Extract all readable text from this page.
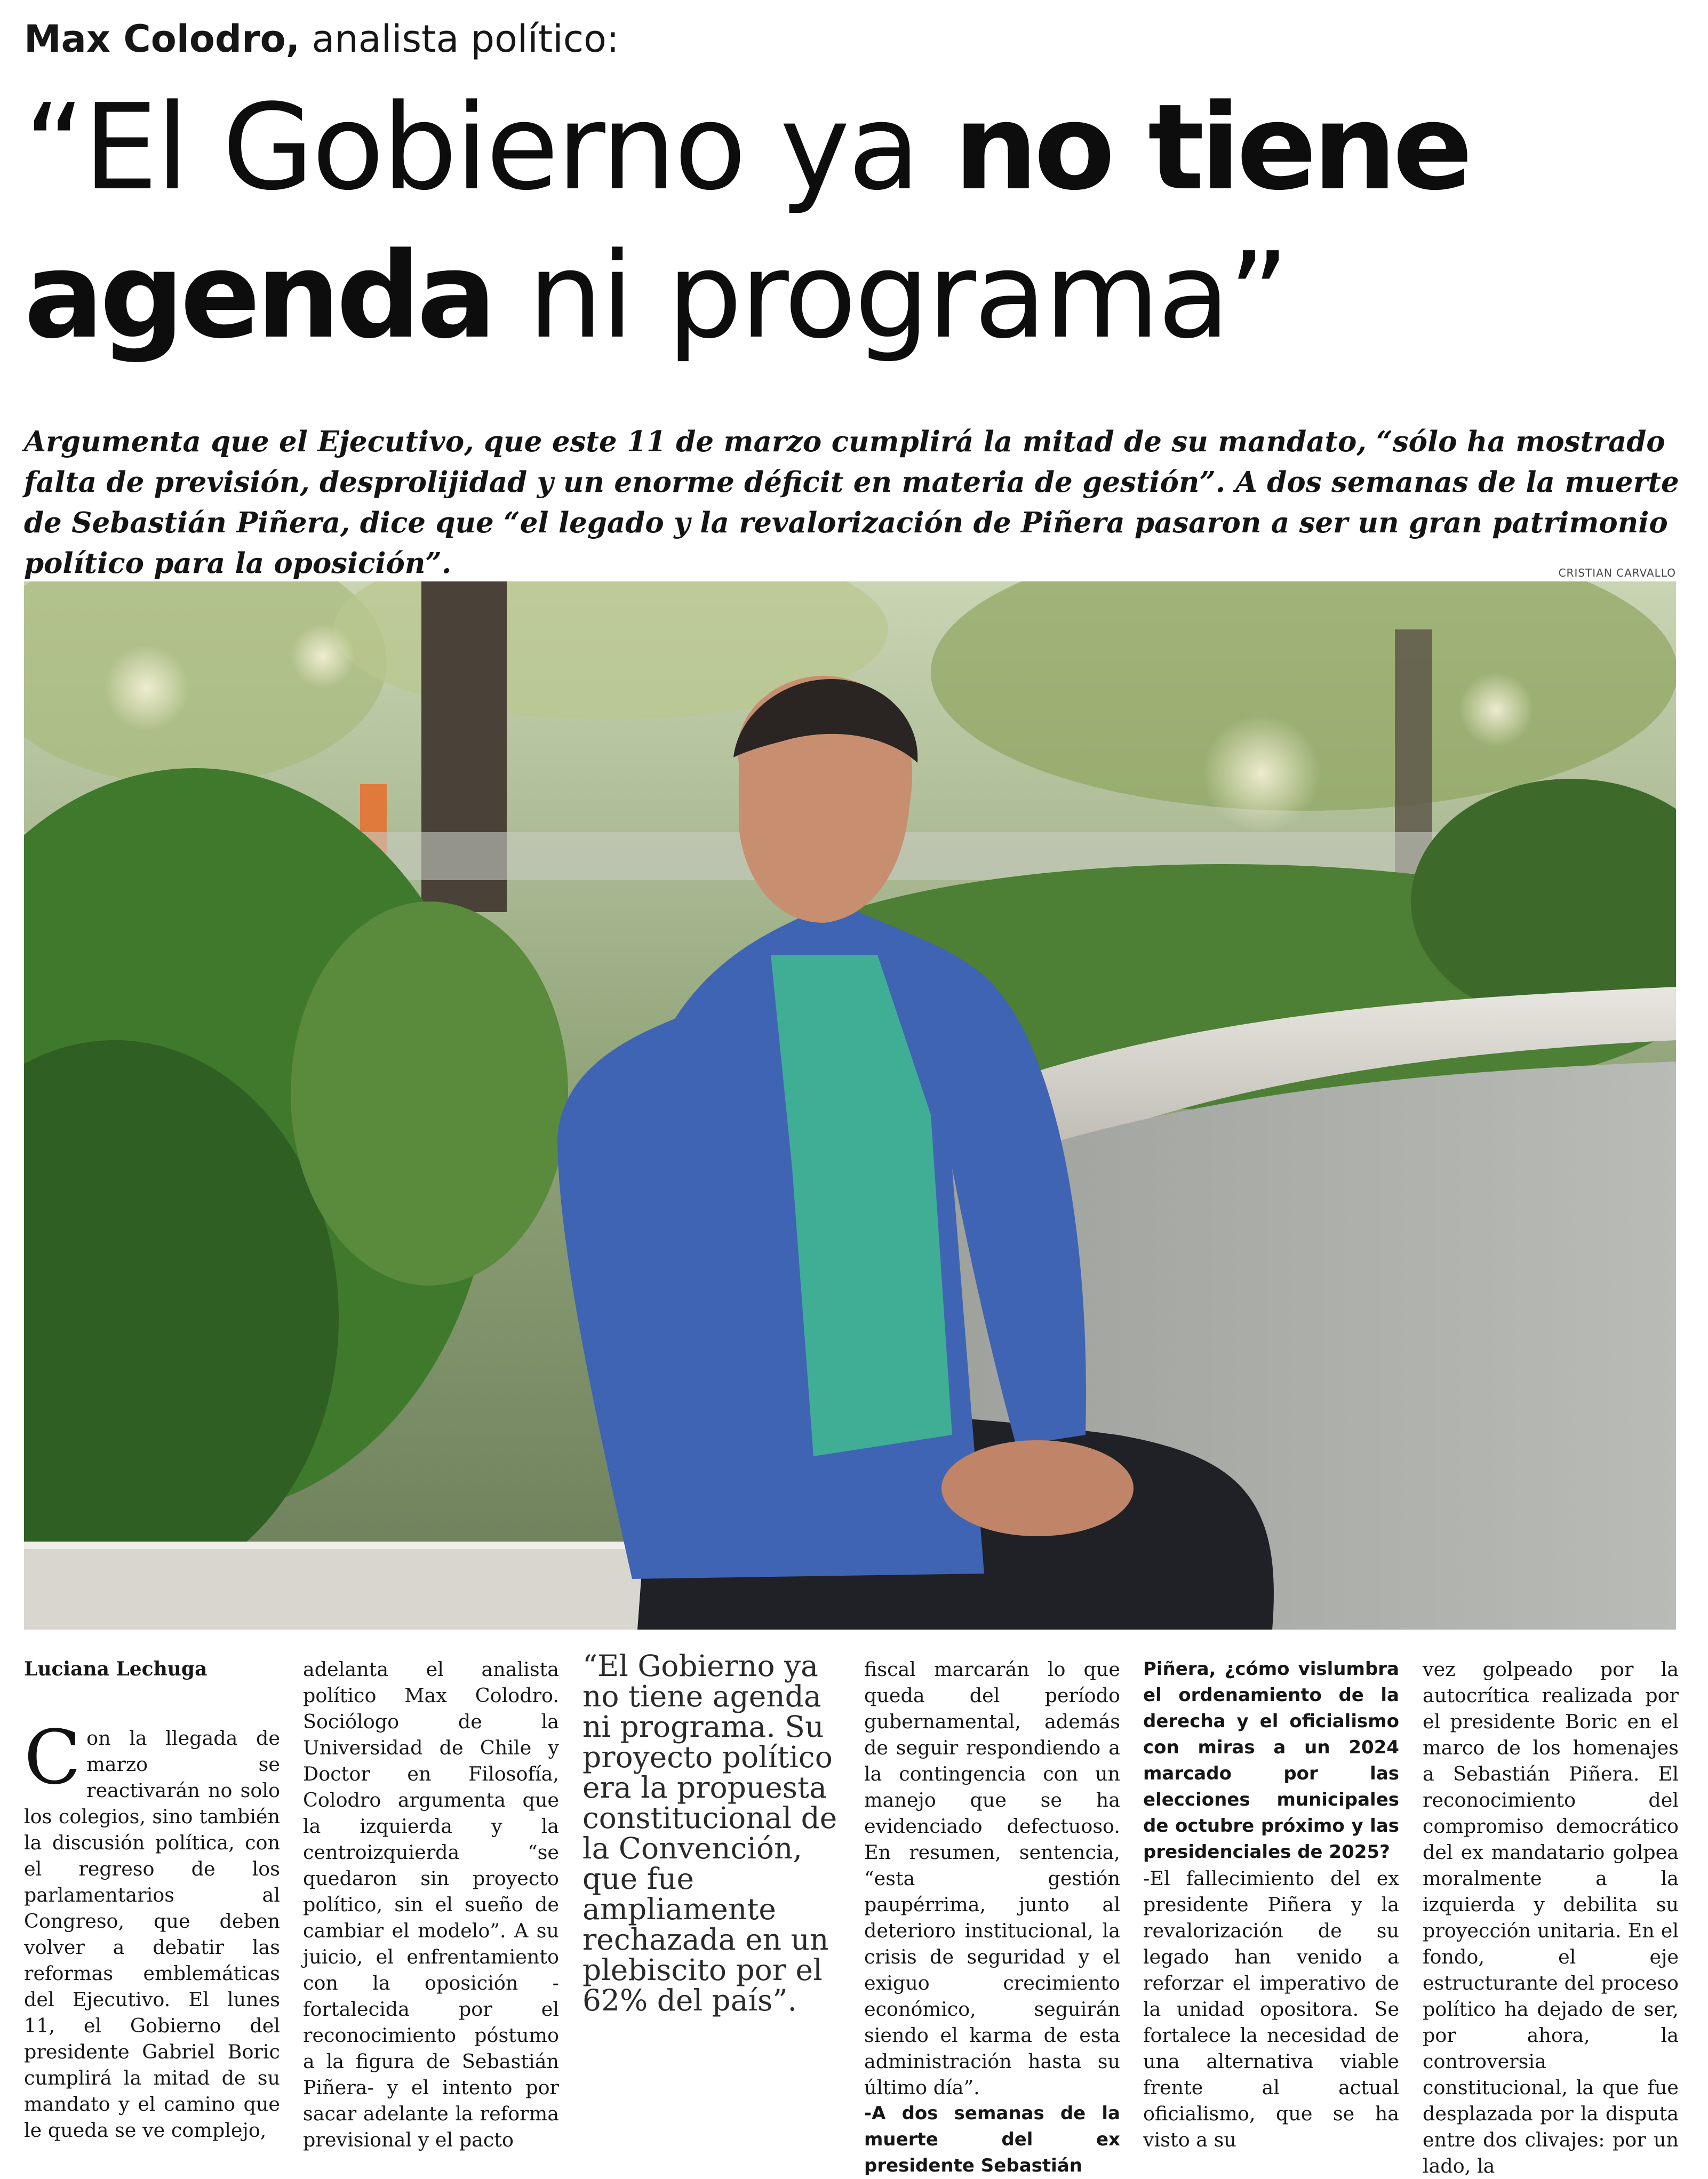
Max Colodro, analista político:
“El Gobierno ya no tiene
agenda ni programa”
Argumenta que el Ejecutivo, que este 11 de marzo cumplirá la mitad de su mandato, “sólo ha mostrado falta de previsión, desprolijidad y un enorme déficit en materia de gestión”. A dos semanas de la muerte de Sebastián Piñera, dice que “el legado y la revalorización de Piñera pasaron a ser un gran patrimonio político para la oposición”.	CRISTIAN CARVALLO
Luciana Lechuga
C on la llegada de marzo se reactivarán no solo los colegios, sino también la discusión política, con el regreso de los parlamentarios al Congreso, que deben volver a debatir las reformas emblemáticas del Ejecutivo. El lunes 11, el Gobierno del presidente Gabriel Boric cumplirá la mitad de su mandato y el camino que le queda se ve complejo,
adelanta el analista político Max Colodro. Sociólogo de la Universidad de Chile y Doctor en Filosofía, Colodro argumenta que la izquierda y la centroizquierda “se quedaron sin proyecto político, sin el sueño de cambiar el modelo”. A su juicio, el enfrentamiento con la oposición -fortalecida por el reconocimiento póstumo a la figura de Sebastián Piñera- y el intento por sacar adelante la reforma previsional y el pacto
“El Gobierno ya no tiene agenda ni programa. Su proyecto político era la propuesta constitucional de la Convención, que fue ampliamente rechazada en un plebiscito por el 62% del país”.
fiscal marcarán lo que queda del período gubernamental, además de seguir respondiendo a la contingencia con un manejo que se ha evidenciado defectuoso. En resumen, sentencia, “esta gestión paupérrima, junto al deterioro institucional, la crisis de seguridad y el exiguo crecimiento económico, seguirán siendo el karma de esta administración hasta su último día”.
-A dos semanas de la muerte del ex presidente Sebastián
Piñera, ¿cómo vislumbra el ordenamiento de la derecha y el oficialismo con miras a un 2024 marcado por las elecciones municipales de octubre próximo y las presidenciales de 2025?
-El fallecimiento del ex presidente Piñera y la revalorización de su legado han venido a reforzar el imperativo de la unidad opositora. Se fortalece la necesidad de una alternativa viable frente al actual oficialismo, que se ha visto a su
vez golpeado por la autocrítica realizada por el presidente Boric en el marco de los homenajes a Sebastián Piñera. El reconocimiento del compromiso democrático del ex mandatario golpea moralmente a la izquierda y debilita su proyección unitaria. En el fondo, el eje estructurante del proceso político ha dejado de ser, por ahora, la controversia constitucional, la que fue desplazada por la disputa entre dos clivajes: por un lado, la
